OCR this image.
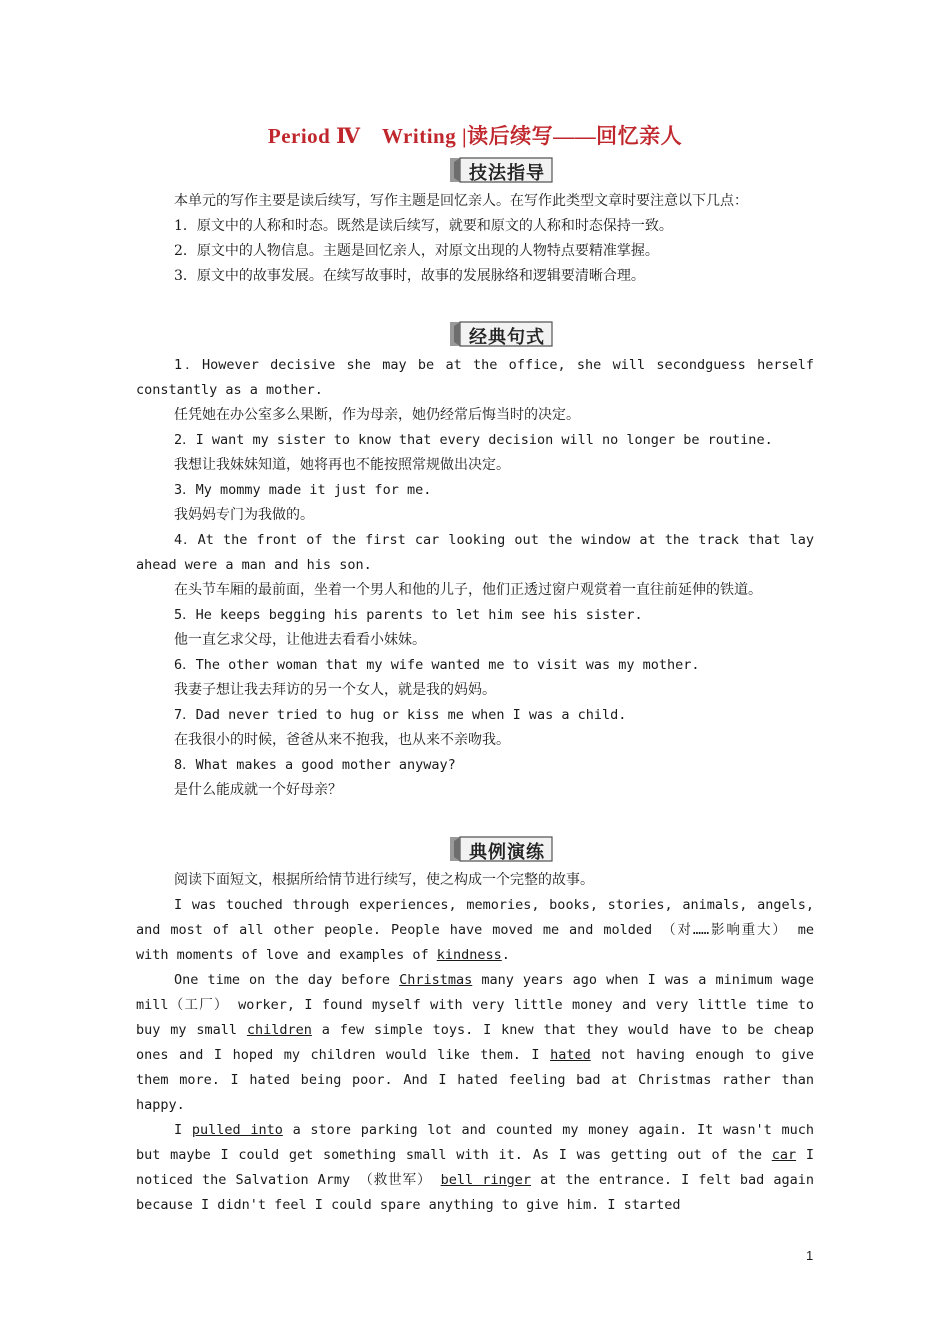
Period Ⅳ　Writing |读后续写——回忆亲人
技法指导

本单元的写作主要是读后续写，写作主题是回忆亲人。在写作此类型文章时要注意以下几点：

1．原文中的人称和时态。既然是读后续写，就要和原文的人称和时态保持一致。

2．原文中的人物信息。主题是回忆亲人，对原文出现的人物特点要精准掌握。

3．原文中的故事发展。在续写故事时，故事的发展脉络和逻辑要清晰合理。

经典句式

1．However decisive she may be at the office, she will secondguess herself constantly as a mother.

任凭她在办公室多么果断，作为母亲，她仍经常后悔当时的决定。

2．I want my sister to know that every decision will no longer be routine.

我想让我妹妹知道，她将再也不能按照常规做出决定。

3．My mommy made it just for me.

我妈妈专门为我做的。

4．At the front of the first car looking out the window at the track that lay ahead were a man and his son.

在头节车厢的最前面，坐着一个男人和他的儿子，他们正透过窗户观赏着一直往前延伸的铁道。

5．He keeps begging his parents to let him see his sister.

他一直乞求父母，让他进去看看小妹妹。

6．The other woman that my wife wanted me to visit was my mother.

我妻子想让我去拜访的另一个女人，就是我的妈妈。

7．Dad never tried to hug or kiss me when I was a child.

在我很小的时候，爸爸从来不抱我，也从来不亲吻我。

8．What makes a good mother anyway?

是什么能成就一个好母亲？

典例演练

阅读下面短文，根据所给情节进行续写，使之构成一个完整的故事。

I was touched through experiences, memories, books, stories, animals, angels, and most of all other people. People have moved me and molded （对……影响重大） me with moments of love and examples of kindness.

One time on the day before Christmas many years ago when I was a minimum wage mill（工厂） worker, I found myself with very little money and very little time to buy my small children a few simple toys. I knew that they would have to be cheap ones and I hoped my children would like them. I hated not having enough to give them more. I hated being poor. And I hated feeling bad at Christmas rather than happy.

I pulled into a store parking lot and counted my money again. It wasn't much but maybe I could get something small with it. As I was getting out of the car I noticed the Salvation Army （救世军） bell ringer at the entrance. I felt bad again because I didn't feel I could spare anything to give him. I started

1
